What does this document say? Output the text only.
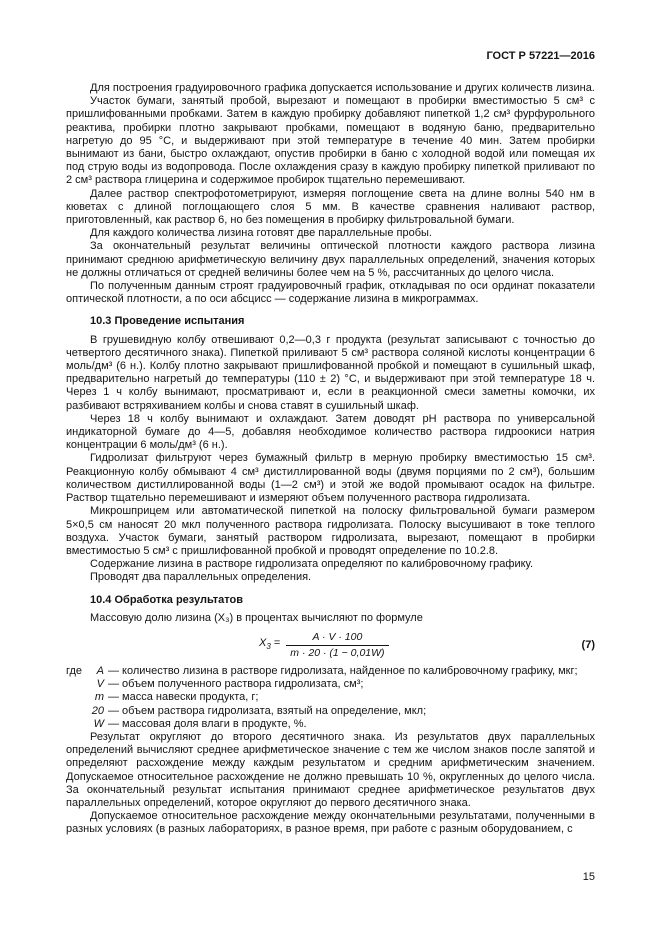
ГОСТ Р 57221—2016

Для построения градуировочного графика допускается использование и других количеств лизина.

Участок бумаги, занятый пробой, вырезают и помещают в пробирки вместимостью 5 см³ с пришлифованными пробками. Затем в каждую пробирку добавляют пипеткой 1,2 см³ фурфурольного реактива, пробирки плотно закрывают пробками, помещают в водяную баню, предварительно нагретую до 95 °С, и выдерживают при этой температуре в течение 40 мин. Затем пробирки вынимают из бани, быстро охлаждают, опустив пробирки в баню с холодной водой или помещая их под струю воды из водопровода. После охлаждения сразу в каждую пробирку пипеткой приливают по 2 см³ раствора глицерина и содержимое пробирок тщательно перемешивают.

Далее раствор спектрофотометрируют, измеряя поглощение света на длине волны 540 нм в кюветах с длиной поглощающего слоя 5 мм. В качестве сравнения наливают раствор, приготовленный, как раствор 6, но без помещения в пробирку фильтровальной бумаги.

Для каждого количества лизина готовят две параллельные пробы.

За окончательный результат величины оптической плотности каждого раствора лизина принимают среднюю арифметическую величину двух параллельных определений, значения которых не должны отличаться от средней величины более чем на 5 %, рассчитанных до целого числа.

По полученным данным строят градуировочный график, откладывая по оси ординат показатели оптической плотности, а по оси абсцисс — содержание лизина в микрограммах.

10.3 Проведение испытания

В грушевидную колбу отвешивают 0,2—0,3 г продукта (результат записывают с точностью до четвертого десятичного знака). Пипеткой приливают 5 см³ раствора соляной кислоты концентрации 6 моль/дм³ (6 н.). Колбу плотно закрывают пришлифованной пробкой и помещают в сушильный шкаф, предварительно нагретый до температуры (110 ± 2) °С, и выдерживают при этой температуре 18 ч. Через 1 ч колбу вынимают, просматривают и, если в реакционной смеси заметны комочки, их разбивают встряхиванием колбы и снова ставят в сушильный шкаф.

Через 18 ч колбу вынимают и охлаждают. Затем доводят pH раствора по универсальной индикаторной бумаге до 4—5, добавляя необходимое количество раствора гидроокиси натрия концентрации 6 моль/дм³ (6 н.).

Гидролизат фильтруют через бумажный фильтр в мерную пробирку вместимостью 15 см³. Реакционную колбу обмывают 4 см³ дистиллированной воды (двумя порциями по 2 см³), большим количеством дистиллированной воды (1—2 см³) и этой же водой промывают осадок на фильтре. Раствор тщательно перемешивают и измеряют объем полученного раствора гидролизата.

Микрошприцем или автоматической пипеткой на полоску фильтровальной бумаги размером 5×0,5 см наносят 20 мкл полученного раствора гидролизата. Полоску высушивают в токе теплого воздуха. Участок бумаги, занятый раствором гидролизата, вырезают, помещают в пробирки вместимостью 5 см³ с пришлифованной пробкой и проводят определение по 10.2.8.

Содержание лизина в растворе гидролизата определяют по калибровочному графику.

Проводят два параллельных определения.

10.4 Обработка результатов

Массовую долю лизина (X₃) в процентах вычисляют по формуле

$X_3 = \frac{A \cdot V \cdot 100}{m \cdot 20 \cdot (1 - 0,01W)}$	(7)
где	A — количество лизина в растворе гидролизата, найденное по калибровочному графику, мкг;
V — объем полученного раствора гидролизата, см³;
m — масса навески продукта, г;
20 — объем раствора гидролизата, взятый на определение, мкл;
W — массовая доля влаги в продукте, %.

Результат округляют до второго десятичного знака. Из результатов двух параллельных определений вычисляют среднее арифметическое значение с тем же числом знаков после запятой и определяют расхождение между каждым результатом и средним арифметическим значением. Допускаемое относительное расхождение не должно превышать 10 %, округленных до целого числа. За окончательный результат испытания принимают среднее арифметическое результатов двух параллельных определений, которое округляют до первого десятичного знака.

Допускаемое относительное расхождение между окончательными результатами, полученными в разных условиях (в разных лабораториях, в разное время, при работе с разным оборудованием, с

15
